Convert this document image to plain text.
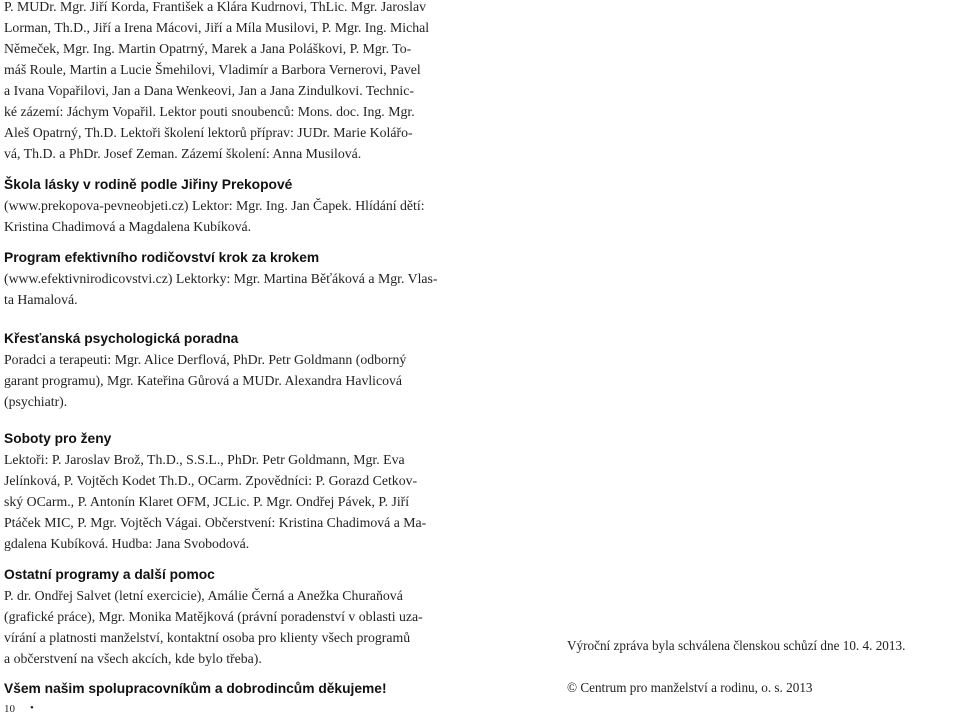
P. MUDr. Mgr. Jiří Korda, František a Klára Kudrnovi, ThLic. Mgr. Jaroslav
Lorman, Th.D., Jiří a Irena Mácovi, Jiří a Míla Musilovi, P. Mgr. Ing. Michal
Němeček, Mgr. Ing. Martin Opatrný, Marek a Jana Poláškovi, P. Mgr. To-
máš Roule, Martin a Lucie Šmehilovi, Vladimír a Barbora Vernerovi, Pavel
a Ivana Vopařilovi, Jan a Dana Wenkeovi, Jan a Jana Zindulkovi. Technic-
ké zázemí: Jáchym Vopařil. Lektor pouti snoubenců: Mons. doc. Ing. Mgr.
Aleš Opatrný, Th.D. Lektoři školení lektorů příprav: JUDr. Marie Kolářo-
vá, Th.D. a PhDr. Josef Zeman. Zázemí školení: Anna Musilová.
Škola lásky v rodině podle Jiřiny Prekopové
(www.prekopova-pevneobjeti.cz) Lektor: Mgr. Ing. Jan Čapek. Hlídání dětí:
Kristina Chadimová a Magdalena Kubíková.
Program efektivního rodičovství krok za krokem
(www.efektivnirodicovstvi.cz) Lektorky: Mgr. Martina Běťáková a Mgr. Vlas-
ta Hamalová.
Křesťanská psychologická poradna
Poradci a terapeuti: Mgr. Alice Derflová, PhDr. Petr Goldmann (odborný
garant programu), Mgr. Kateřina Gůrová a MUDr. Alexandra Havlicová
(psychiatr).
Soboty pro ženy
Lektoři: P. Jaroslav Brož, Th.D., S.S.L., PhDr. Petr Goldmann, Mgr. Eva
Jelínková, P. Vojtěch Kodet Th.D., OCarm. Zpovědníci: P. Gorazd Cetkov-
ský OCarm., P. Antonín Klaret OFM, JCLic. P. Mgr. Ondřej Pávek, P. Jiří
Ptáček MIC, P. Mgr. Vojtěch Vágai. Občerstvení: Kristina Chadimová a Ma-
gdalena Kubíková. Hudba: Jana Svobodová.
Ostatní programy a další pomoc
P. dr. Ondřej Salvet (letní exercicie), Amálie Černá a Anežka Churaňová
(grafické práce), Mgr. Monika Matějková (právní poradenství v oblasti uza-
vírání a platnosti manželství, kontaktní osoba pro klienty všech programů
a občerstvení na všech akcích, kde bylo třeba).
Všem našim spolupracovníkům a dobrodincům děkujeme!
Výroční zpráva byla schválena členskou schůzí dne 10. 4. 2013.
© Centrum pro manželství a rodinu, o. s. 2013
10 •
